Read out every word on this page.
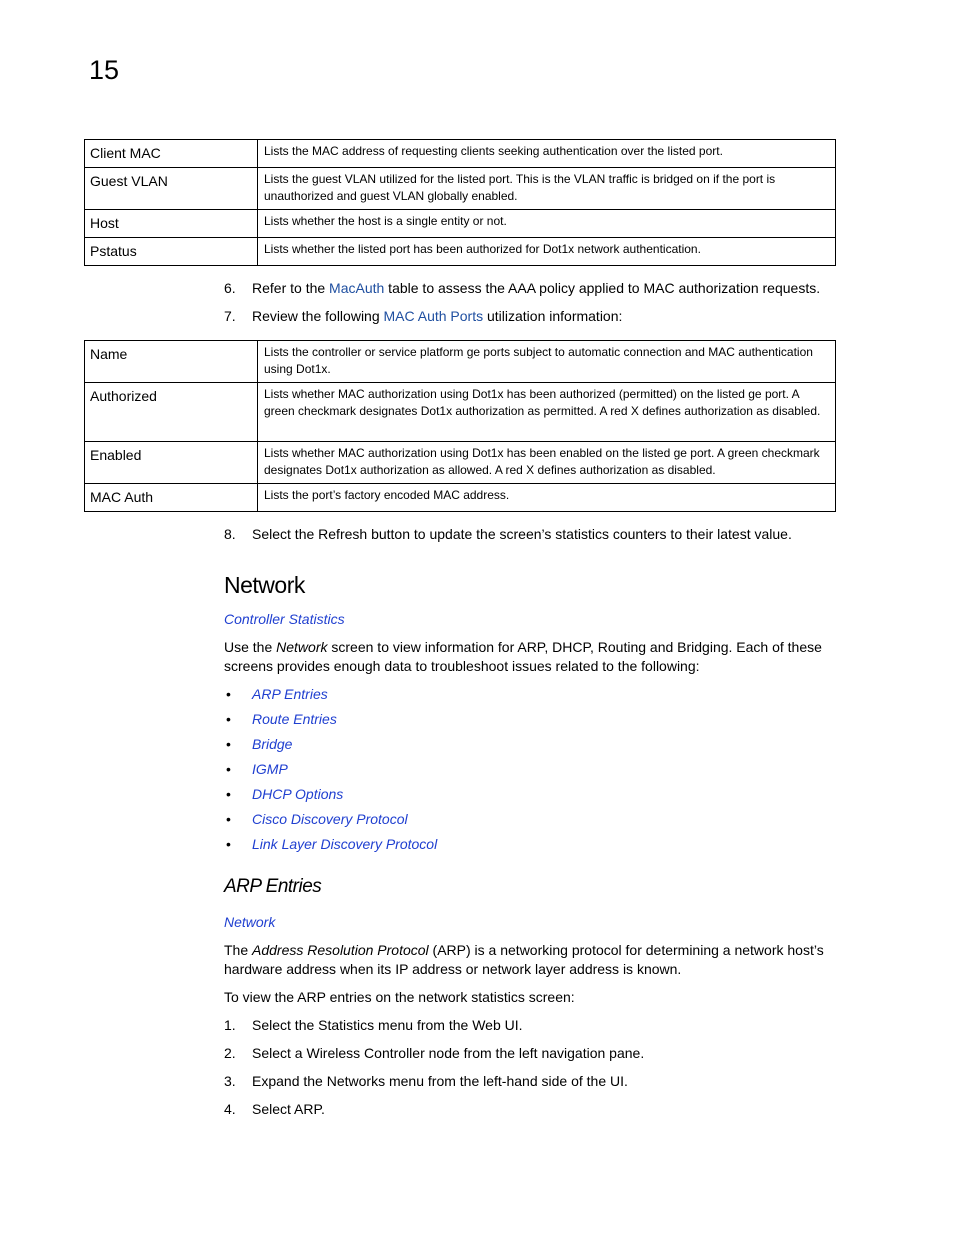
15
Client MAC	Lists the MAC address of requesting clients seeking authentication over the listed port.
Guest VLAN	Lists the guest VLAN utilized for the listed port. This is the VLAN traffic is bridged on if the port is unauthorized and guest VLAN globally enabled.
Host	Lists whether the host is a single entity or not.
Pstatus	Lists whether the listed port has been authorized for Dot1x network authentication.
6. Refer to the MacAuth table to assess the AAA policy applied to MAC authorization requests.
7. Review the following MAC Auth Ports utilization information:
Name	Lists the controller or service platform ge ports subject to automatic connection and MAC authentication using Dot1x.
Authorized	Lists whether MAC authorization using Dot1x has been authorized (permitted) on the listed ge port. A green checkmark designates Dot1x authorization as permitted. A red X defines authorization as disabled.
Enabled	Lists whether MAC authorization using Dot1x has been enabled on the listed ge port. A green checkmark designates Dot1x authorization as allowed. A red X defines authorization as disabled.
MAC Auth	Lists the port’s factory encoded MAC address.
8. Select the Refresh button to update the screen’s statistics counters to their latest value.
Network
Controller Statistics
Use the Network screen to view information for ARP, DHCP, Routing and Bridging. Each of these screens provides enough data to troubleshoot issues related to the following:
• ARP Entries
• Route Entries
• Bridge
• IGMP
• DHCP Options
• Cisco Discovery Protocol
• Link Layer Discovery Protocol
ARP Entries
Network
The Address Resolution Protocol (ARP) is a networking protocol for determining a network host’s hardware address when its IP address or network layer address is known.
To view the ARP entries on the network statistics screen:
1. Select the Statistics menu from the Web UI.
2. Select a Wireless Controller node from the left navigation pane.
3. Expand the Networks menu from the left-hand side of the UI.
4. Select ARP.
